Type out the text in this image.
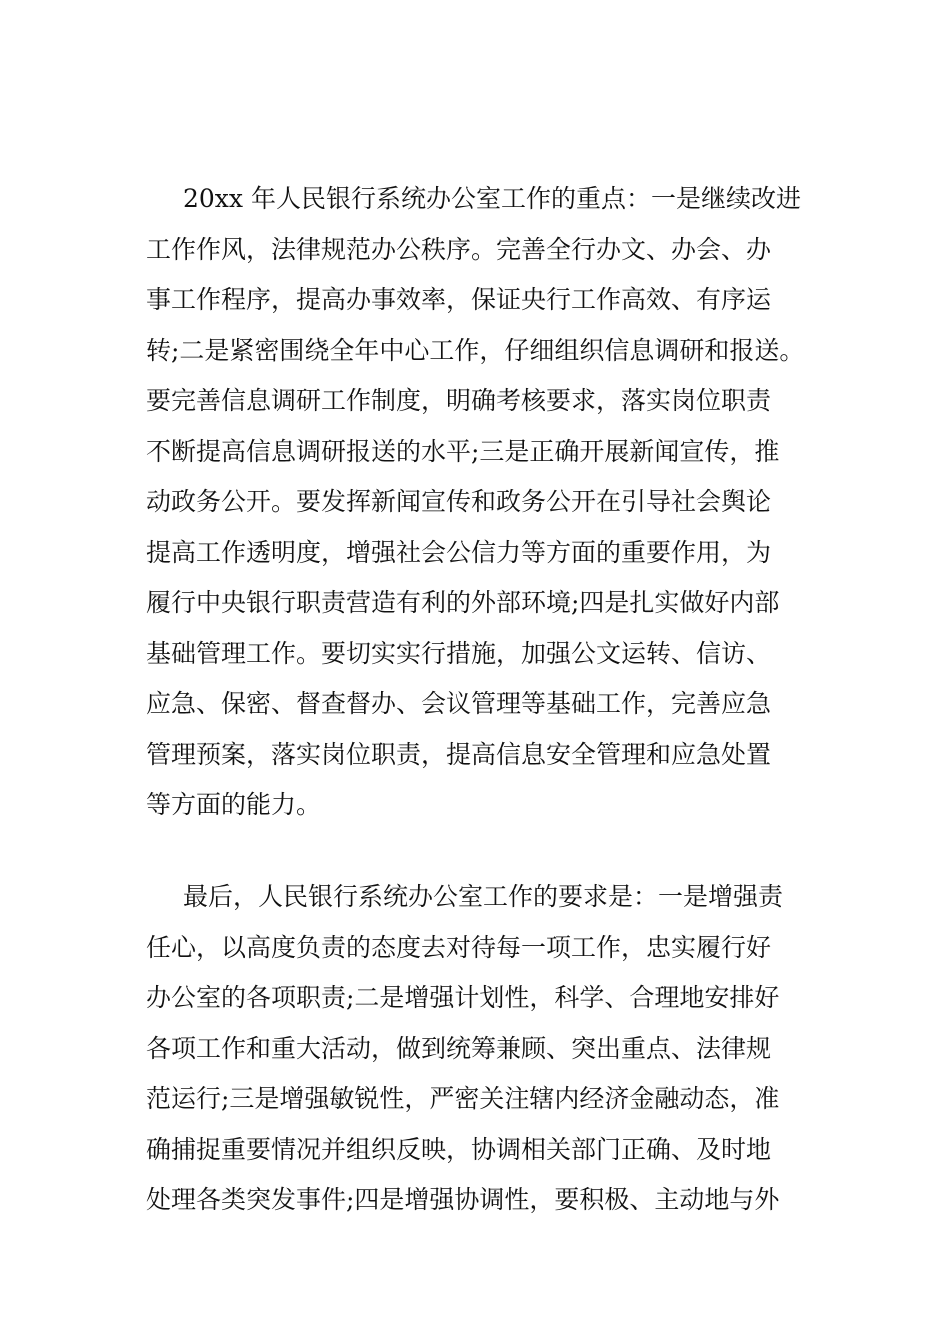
20xx 年人民银行系统办公室工作的重点：一是继续改进
工作作风，法律规范办公秩序。完善全行办文、办会、办
事工作程序，提高办事效率，保证央行工作高效、有序运
转;二是紧密围绕全年中心工作，仔细组织信息调研和报送。
要完善信息调研工作制度，明确考核要求，落实岗位职责
不断提高信息调研报送的水平;三是正确开展新闻宣传，推
动政务公开。要发挥新闻宣传和政务公开在引导社会舆论
提高工作透明度，增强社会公信力等方面的重要作用，为
履行中央银行职责营造有利的外部环境;四是扎实做好内部
基础管理工作。要切实实行措施，加强公文运转、信访、
应急、保密、督查督办、会议管理等基础工作，完善应急
管理预案，落实岗位职责，提高信息安全管理和应急处置
等方面的能力。

最后，人民银行系统办公室工作的要求是：一是增强责
任心，以高度负责的态度去对待每一项工作，忠实履行好
办公室的各项职责;二是增强计划性，科学、合理地安排好
各项工作和重大活动，做到统筹兼顾、突出重点、法律规
范运行;三是增强敏锐性，严密关注辖内经济金融动态，准
确捕捉重要情况并组织反映，协调相关部门正确、及时地
处理各类突发事件;四是增强协调性，要积极、主动地与外
